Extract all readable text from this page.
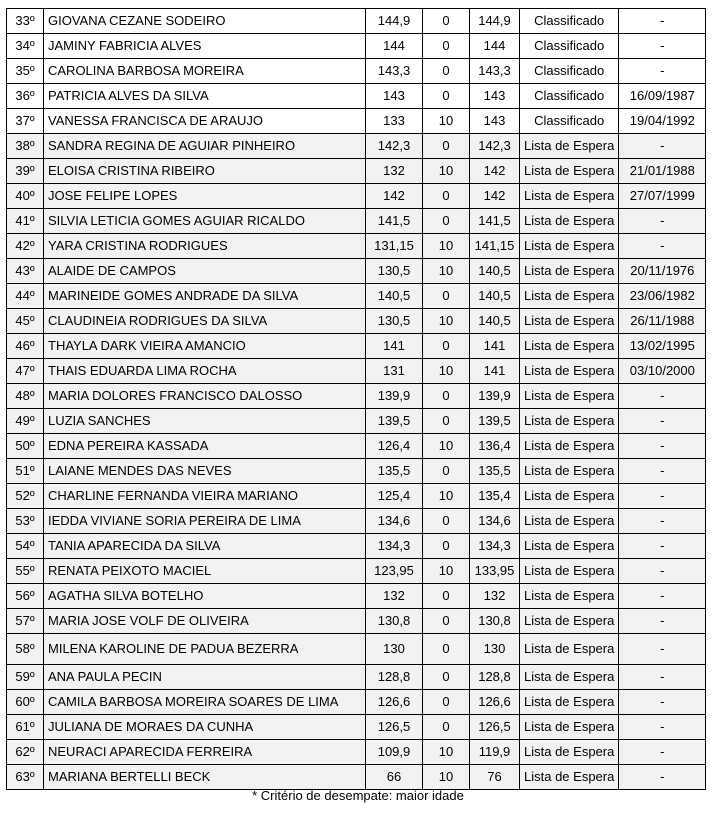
33º	GIOVANA CEZANE SODEIRO	144,9	0	144,9	Classificado	-
34º	JAMINY FABRICIA ALVES	144	0	144	Classificado	-
35º	CAROLINA BARBOSA MOREIRA	143,3	0	143,3	Classificado	-
36º	PATRICIA ALVES DA SILVA	143	0	143	Classificado	16/09/1987
37º	VANESSA FRANCISCA DE ARAUJO	133	10	143	Classificado	19/04/1992
38º	SANDRA REGINA DE AGUIAR PINHEIRO	142,3	0	142,3	Lista de Espera	-
39º	ELOISA CRISTINA RIBEIRO	132	10	142	Lista de Espera	21/01/1988
40º	JOSE FELIPE LOPES	142	0	142	Lista de Espera	27/07/1999
41º	SILVIA LETICIA GOMES AGUIAR RICALDO	141,5	0	141,5	Lista de Espera	-
42º	YARA CRISTINA RODRIGUES	131,15	10	141,15	Lista de Espera	-
43º	ALAIDE DE CAMPOS	130,5	10	140,5	Lista de Espera	20/11/1976
44º	MARINEIDE GOMES ANDRADE DA SILVA	140,5	0	140,5	Lista de Espera	23/06/1982
45º	CLAUDINEIA RODRIGUES DA SILVA	130,5	10	140,5	Lista de Espera	26/11/1988
46º	THAYLA DARK VIEIRA AMANCIO	141	0	141	Lista de Espera	13/02/1995
47º	THAIS EDUARDA LIMA ROCHA	131	10	141	Lista de Espera	03/10/2000
48º	MARIA DOLORES FRANCISCO DALOSSO	139,9	0	139,9	Lista de Espera	-
49º	LUZIA SANCHES	139,5	0	139,5	Lista de Espera	-
50º	EDNA PEREIRA KASSADA	126,4	10	136,4	Lista de Espera	-
51º	LAIANE MENDES DAS NEVES	135,5	0	135,5	Lista de Espera	-
52º	CHARLINE FERNANDA VIEIRA MARIANO	125,4	10	135,4	Lista de Espera	-
53º	IEDDA VIVIANE SORIA PEREIRA DE LIMA	134,6	0	134,6	Lista de Espera	-
54º	TANIA APARECIDA DA SILVA	134,3	0	134,3	Lista de Espera	-
55º	RENATA PEIXOTO MACIEL	123,95	10	133,95	Lista de Espera	-
56º	AGATHA SILVA BOTELHO	132	0	132	Lista de Espera	-
57º	MARIA JOSE VOLF DE OLIVEIRA	130,8	0	130,8	Lista de Espera	-
58º	MILENA KAROLINE DE PADUA BEZERRA	130	0	130	Lista de Espera	-
59º	ANA PAULA PECIN	128,8	0	128,8	Lista de Espera	-
60º	CAMILA BARBOSA MOREIRA SOARES DE LIMA	126,6	0	126,6	Lista de Espera	-
61º	JULIANA DE MORAES DA CUNHA	126,5	0	126,5	Lista de Espera	-
62º	NEURACI APARECIDA FERREIRA	109,9	10	119,9	Lista de Espera	-
63º	MARIANA BERTELLI BECK	66	10	76	Lista de Espera	-
* Critério de desempate: maior idade
